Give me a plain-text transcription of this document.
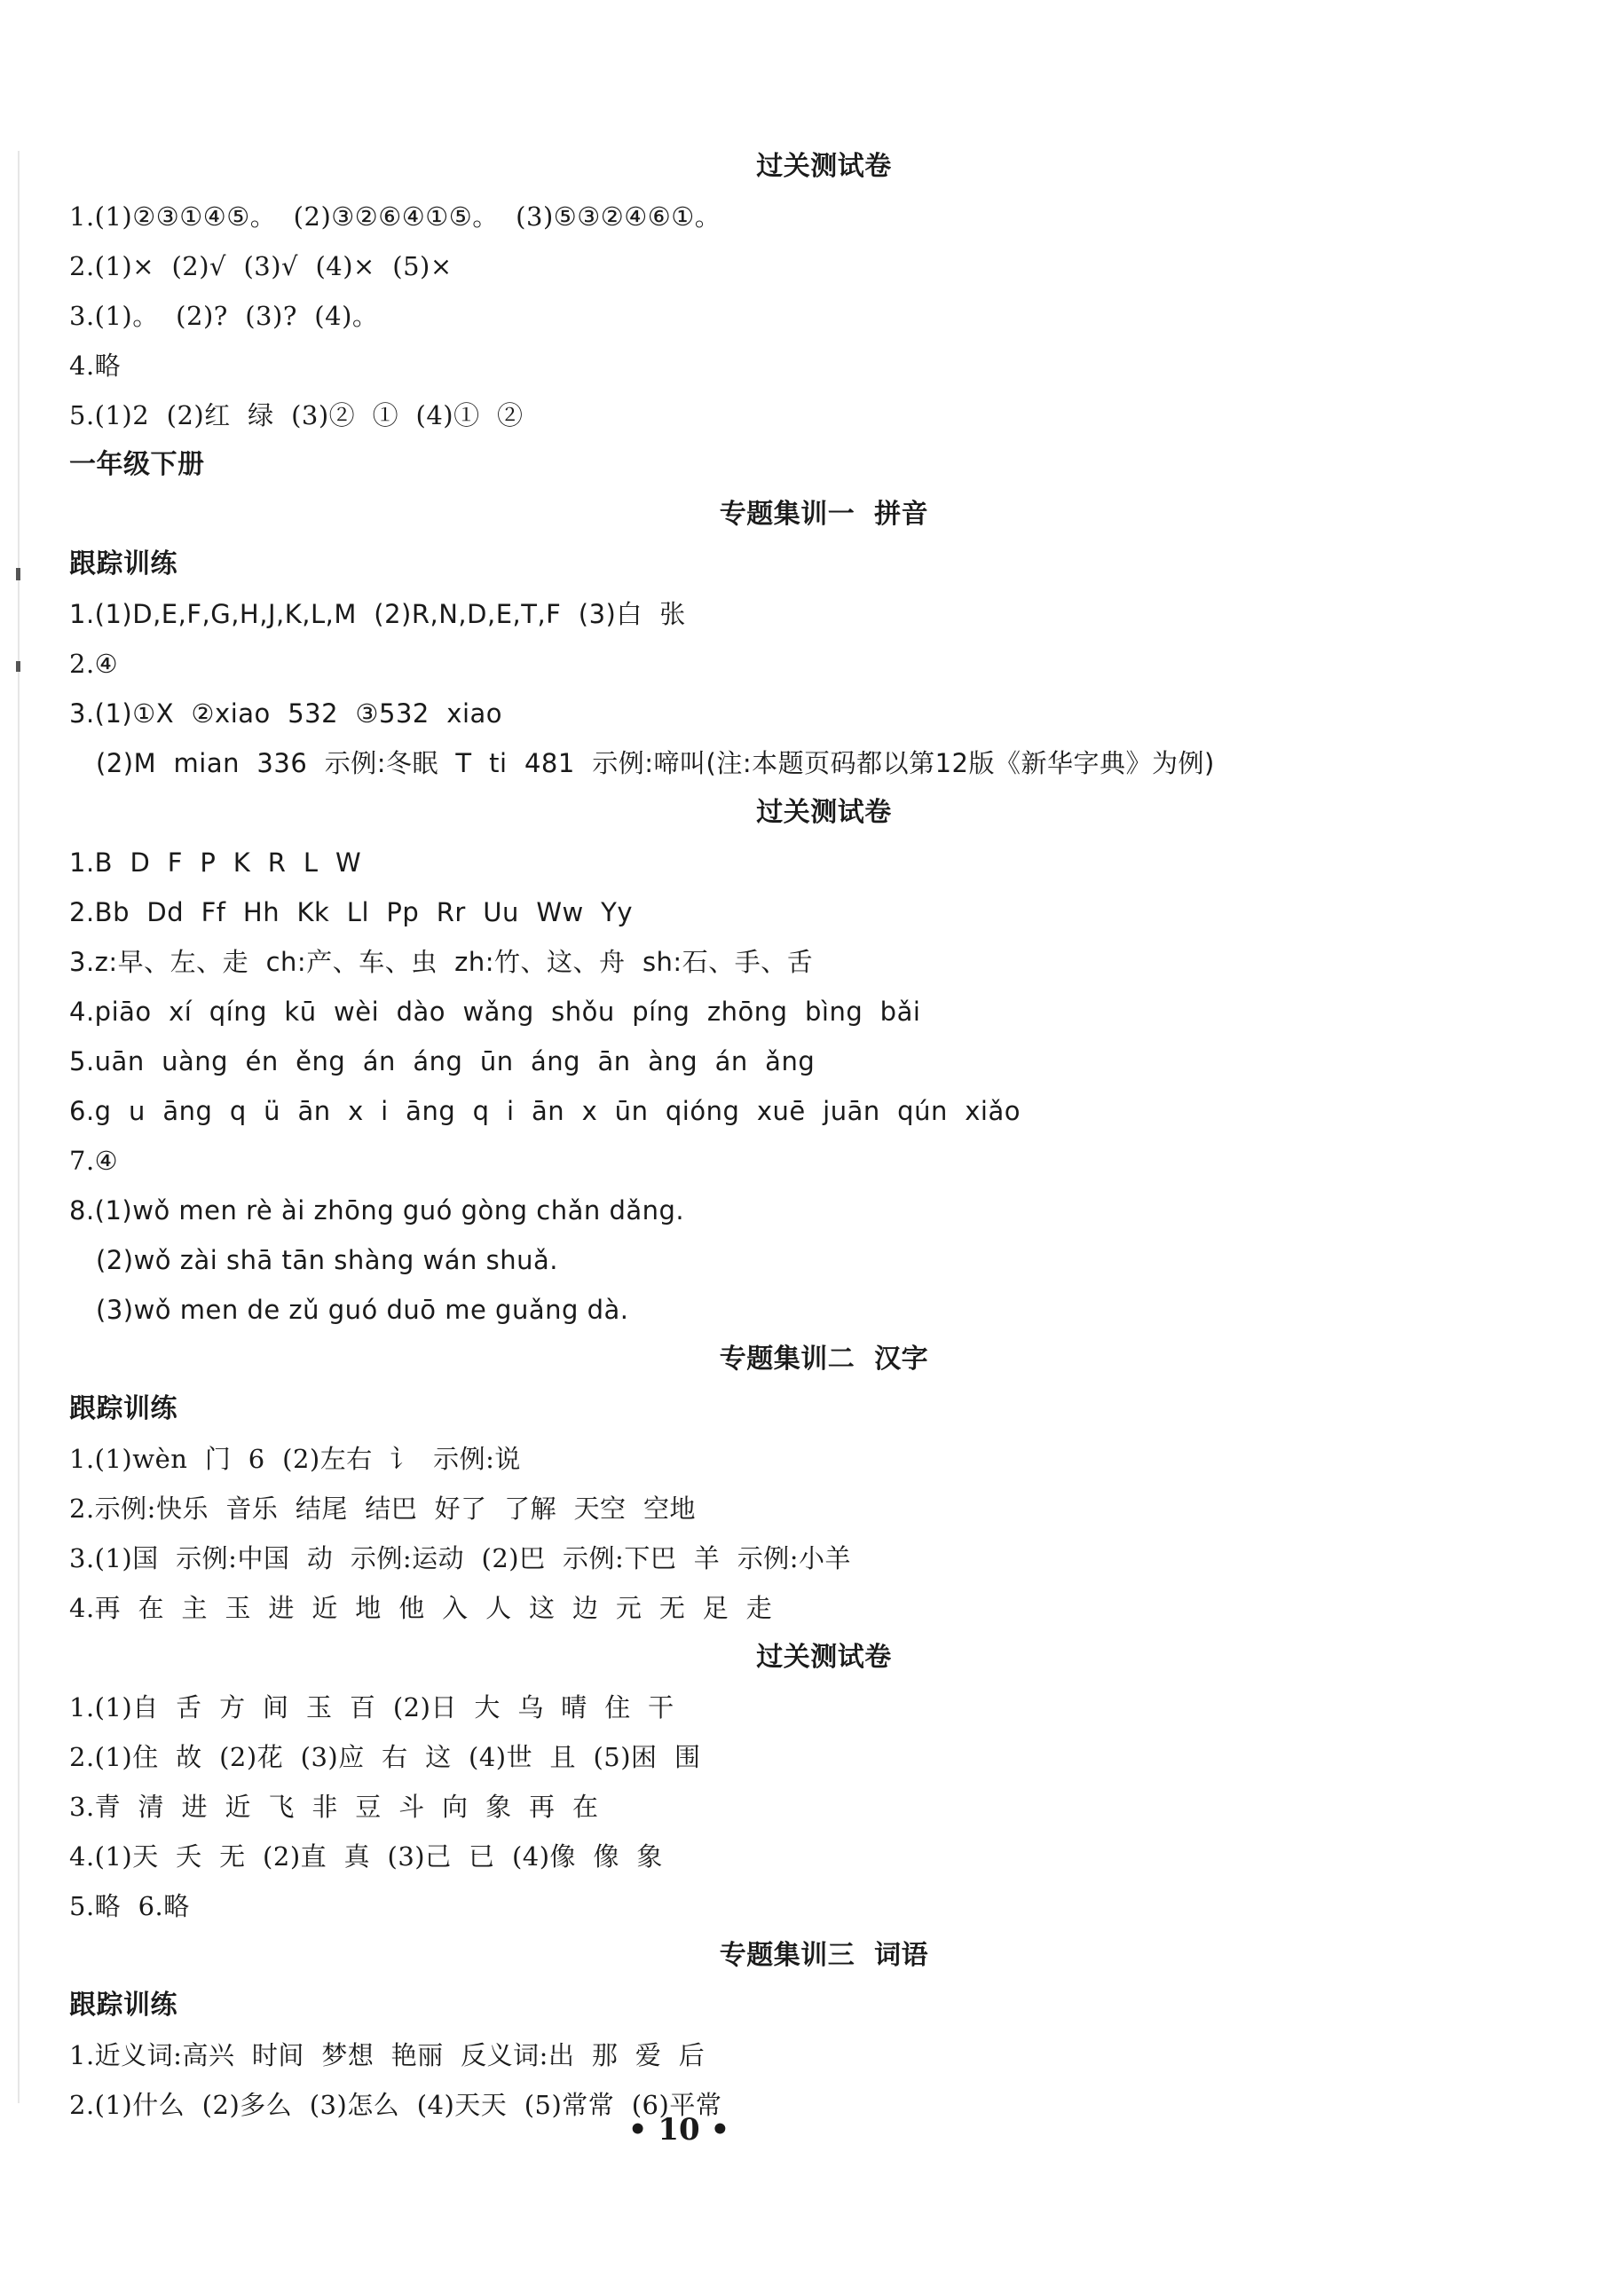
过关测试卷
1.(1)②③①④⑤。  (2)③②⑥④①⑤。  (3)⑤③②④⑥①。
2.(1)×  (2)√  (3)√  (4)×  (5)×
3.(1)。  (2)?  (3)?  (4)。
4.略
5.(1)2  (2)红  绿  (3)②  ①  (4)①  ②
一年级下册
专题集训一  拼音
跟踪训练
1.(1)D,E,F,G,H,J,K,L,M  (2)R,N,D,E,T,F  (3)白  张
2.④
3.(1)①X  ②xiao  532  ③532  xiao
(2)M  mian  336  示例:冬眠  T  ti  481  示例:啼叫(注:本题页码都以第12版《新华字典》为例)
过关测试卷
1.B  D  F  P  K  R  L  W
2.Bb  Dd  Ff  Hh  Kk  Ll  Pp  Rr  Uu  Ww  Yy
3.z:早、左、走  ch:产、车、虫  zh:竹、这、舟  sh:石、手、舌
4.piāo  xí  qíng  kū  wèi  dào  wǎng  shǒu  píng  zhōng  bìng  bǎi
5.uān  uàng  én  ěng  án  áng  ūn  áng  ān  àng  án  ǎng
6.g  u  āng  q  ü  ān  x  i  āng  q  i  ān  x  ūn  qióng  xuē  juān  qún  xiǎo
7.④
8.(1)wǒ men rè ài zhōng guó gòng chǎn dǎng.
(2)wǒ zài shā tān shàng wán shuǎ.
(3)wǒ men de zǔ guó duō me guǎng dà.
专题集训二  汉字
跟踪训练
1.(1)wèn  门  6  (2)左右  讠  示例:说
2.示例:快乐  音乐  结尾  结巴  好了  了解  天空  空地
3.(1)国  示例:中国  动  示例:运动  (2)巴  示例:下巴  羊  示例:小羊
4.再  在  主  玉  进  近  地  他  入  人  这  边  元  无  足  走
过关测试卷
1.(1)自  舌  方  间  玉  百  (2)日  大  乌  晴  住  干
2.(1)住  故  (2)花  (3)应  右  这  (4)世  且  (5)困  围
3.青  清  进  近  飞  非  豆  斗  向  象  再  在
4.(1)天  夭  无  (2)直  真  (3)己  已  (4)像  像  象
5.略  6.略
专题集训三  词语
跟踪训练
1.近义词:高兴  时间  梦想  艳丽  反义词:出  那  爱  后
2.(1)什么  (2)多么  (3)怎么  (4)天天  (5)常常  (6)平常
• 10 •
